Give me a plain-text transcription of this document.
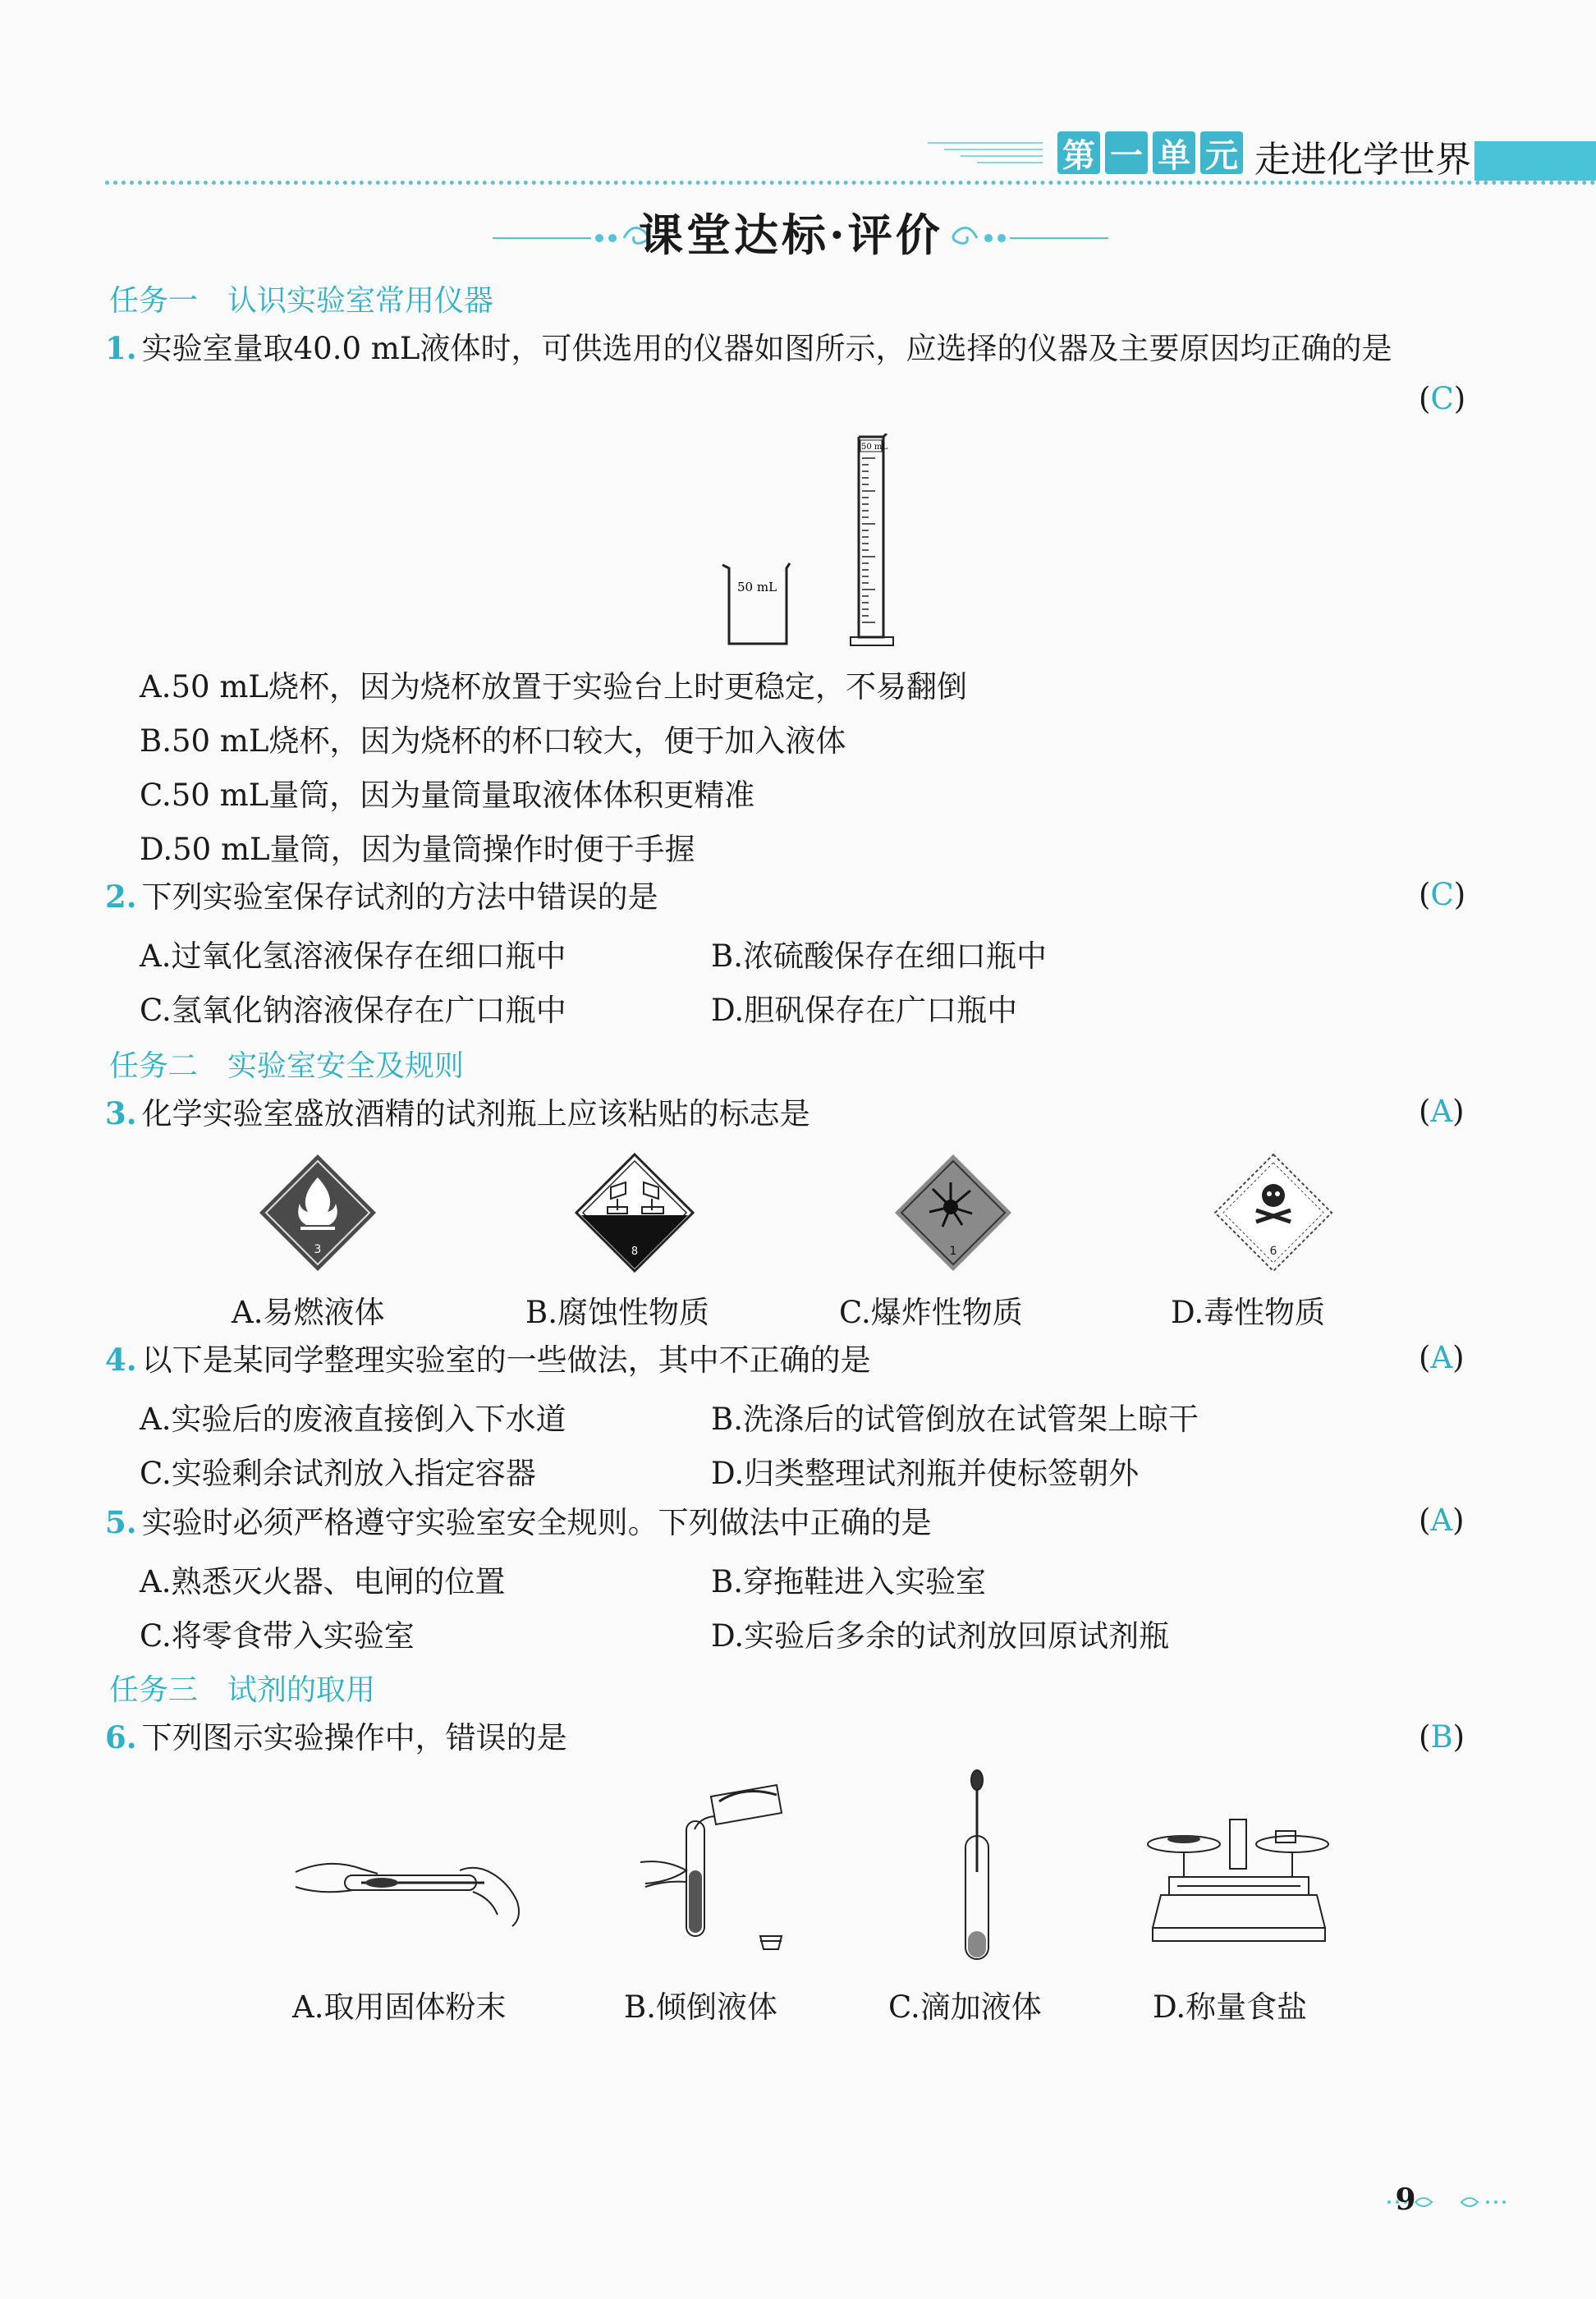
第 一 单 元 走进化学世界
课堂达标·评价
任务一　认识实验室常用仪器
1. 实验室量取40.0 mL液体时，可供选用的仪器如图所示，应选择的仪器及主要原因均正确的是
(C)
50 mL
50 mL
A.50 mL烧杯，因为烧杯放置于实验台上时更稳定，不易翻倒
B.50 mL烧杯，因为烧杯的杯口较大，便于加入液体
C.50 mL量筒，因为量筒量取液体体积更精准
D.50 mL量筒，因为量筒操作时便于手握
2. 下列实验室保存试剂的方法中错误的是	(C)
A.过氧化氢溶液保存在细口瓶中	B.浓硫酸保存在细口瓶中
C.氢氧化钠溶液保存在广口瓶中	D.胆矾保存在广口瓶中
任务二　实验室安全及规则
3. 化学实验室盛放酒精的试剂瓶上应该粘贴的标志是	(A)
3	8	1	6
A.易燃液体	B.腐蚀性物质	C.爆炸性物质	D.毒性物质
4. 以下是某同学整理实验室的一些做法，其中不正确的是	(A)
A.实验后的废液直接倒入下水道	B.洗涤后的试管倒放在试管架上晾干
C.实验剩余试剂放入指定容器	D.归类整理试剂瓶并使标签朝外
5. 实验时必须严格遵守实验室安全规则。下列做法中正确的是	(A)
A.熟悉灭火器、电闸的位置	B.穿拖鞋进入实验室
C.将零食带入实验室	D.实验后多余的试剂放回原试剂瓶
任务三　试剂的取用
6. 下列图示实验操作中，错误的是	(B)
A.取用固体粉末	B.倾倒液体	C.滴加液体	D.称量食盐
9
